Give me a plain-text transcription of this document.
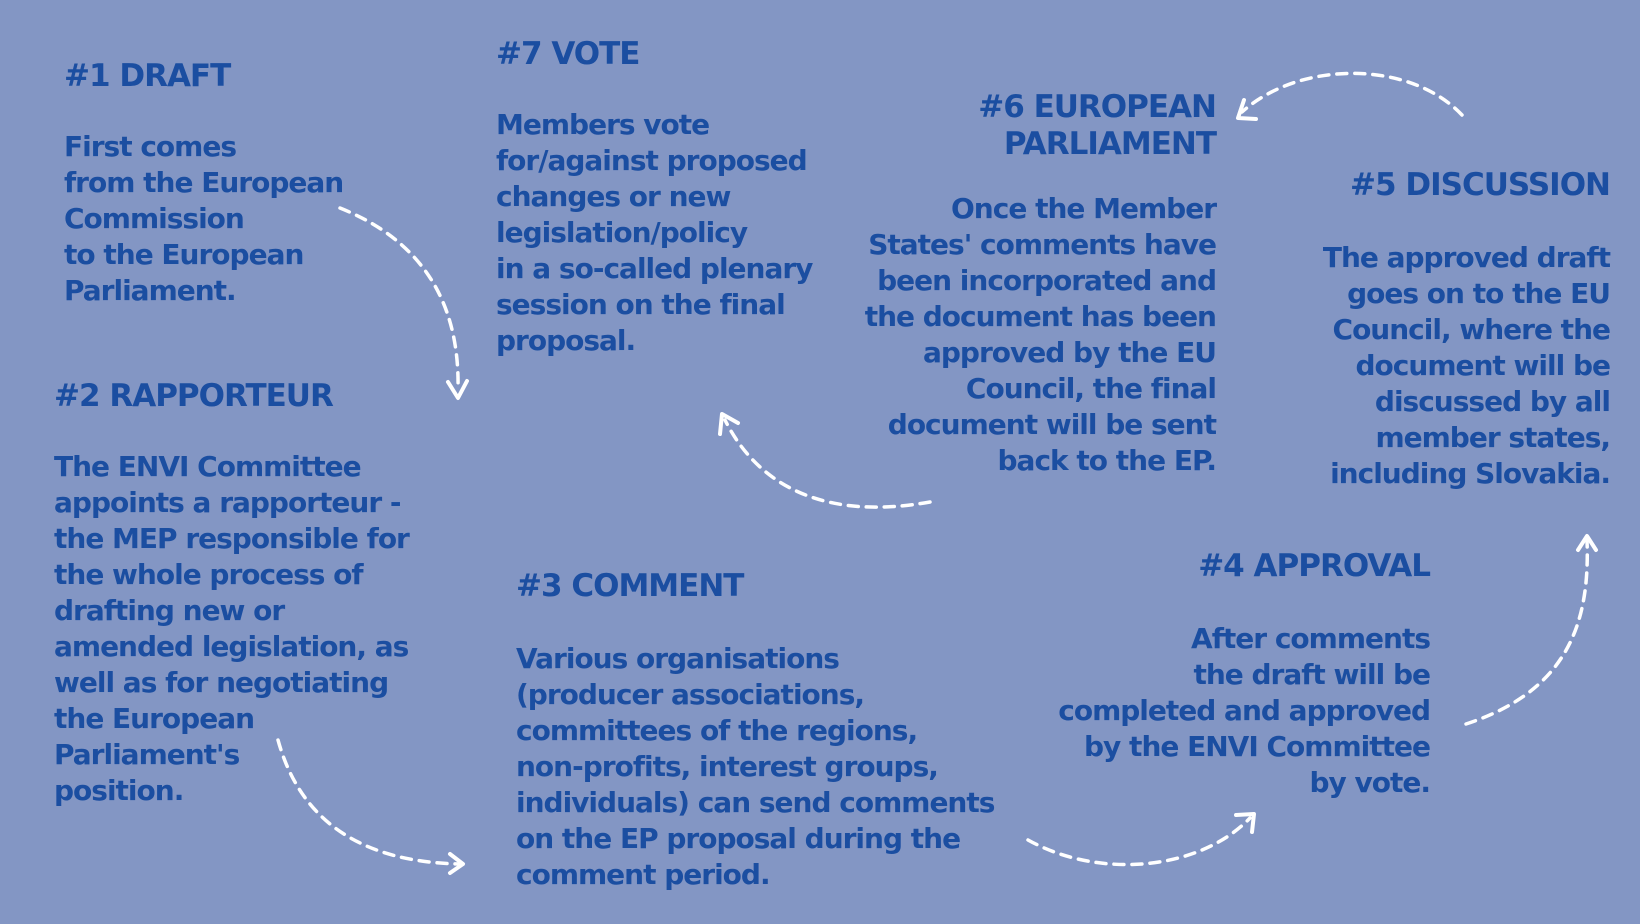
#1 DRAFT
First comes
from the European
Commission
to the European
Parliament.
#2 RAPPORTEUR
The ENVI Committee
appoints a rapporteur -
the MEP responsible for
the whole process of
drafting new or
amended legislation, as
well as for negotiating
the European
Parliament's
position.
#3 COMMENT
Various organisations
(producer associations,
committees of the regions,
non-profits, interest groups,
individuals) can send comments
on the EP proposal during the
comment period.
#4 APPROVAL
After comments
the draft will be
completed and approved
by the ENVI Committee
by vote.
#5 DISCUSSION
The approved draft
goes on to the EU
Council, where the
document will be
discussed by all
member states,
including Slovakia.
#6 EUROPEAN
PARLIAMENT
Once the Member
States' comments have
been incorporated and
the document has been
approved by the EU
Council, the final
document will be sent
back to the EP.
#7 VOTE
Members vote
for/against proposed
changes or new
legislation/policy
in a so-called plenary
session on the final
proposal.
